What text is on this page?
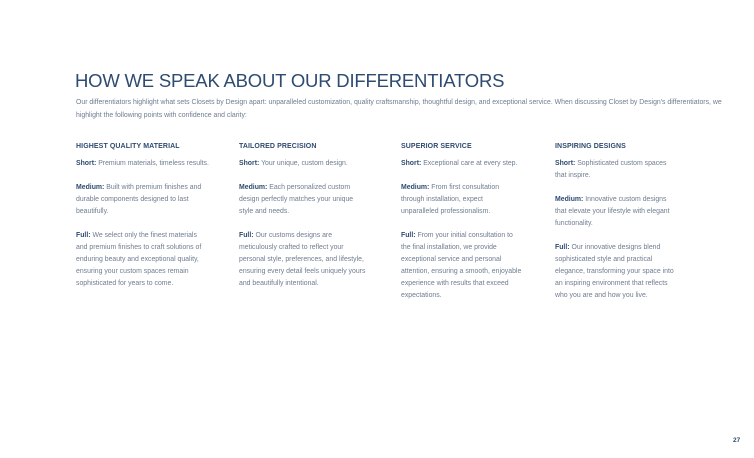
HOW WE SPEAK ABOUT OUR DIFFERENTIATORS
Our differentiators highlight what sets Closets by Design apart: unparalleled customization, quality craftsmanship, thoughtful design, and exceptional service. When discussing Closet by Design's differentiators, we highlight the following points with confidence and clarity:
HIGHEST QUALITY MATERIAL

Short: Premium materials, timeless results.

Medium: Built with premium finishes and
durable components designed to last
beautifully.

Full: We select only the finest materials
and premium finishes to craft solutions of
enduring beauty and exceptional quality,
ensuring your custom spaces remain
sophisticated for years to come.

TAILORED PRECISION

Short: Your unique, custom design.

Medium: Each personalized custom
design perfectly matches your unique
style and needs.

Full: Our customs designs are
meticulously crafted to reflect your
personal style, preferences, and lifestyle,
ensuring every detail feels uniquely yours
and beautifully intentional.

SUPERIOR SERVICE

Short: Exceptional care at every step.

Medium: From first consultation
through installation, expect
unparalleled professionalism.

Full: From your initial consultation to
the final installation, we provide
exceptional service and personal
attention, ensuring a smooth, enjoyable
experience with results that exceed
expectations.

INSPIRING DESIGNS

Short: Sophisticated custom spaces
that inspire.

Medium: Innovative custom designs
that elevate your lifestyle with elegant
functionality.

Full: Our innovative designs blend
sophisticated style and practical
elegance, transforming your space into
an inspiring environment that reflects
who you are and how you live.

27
